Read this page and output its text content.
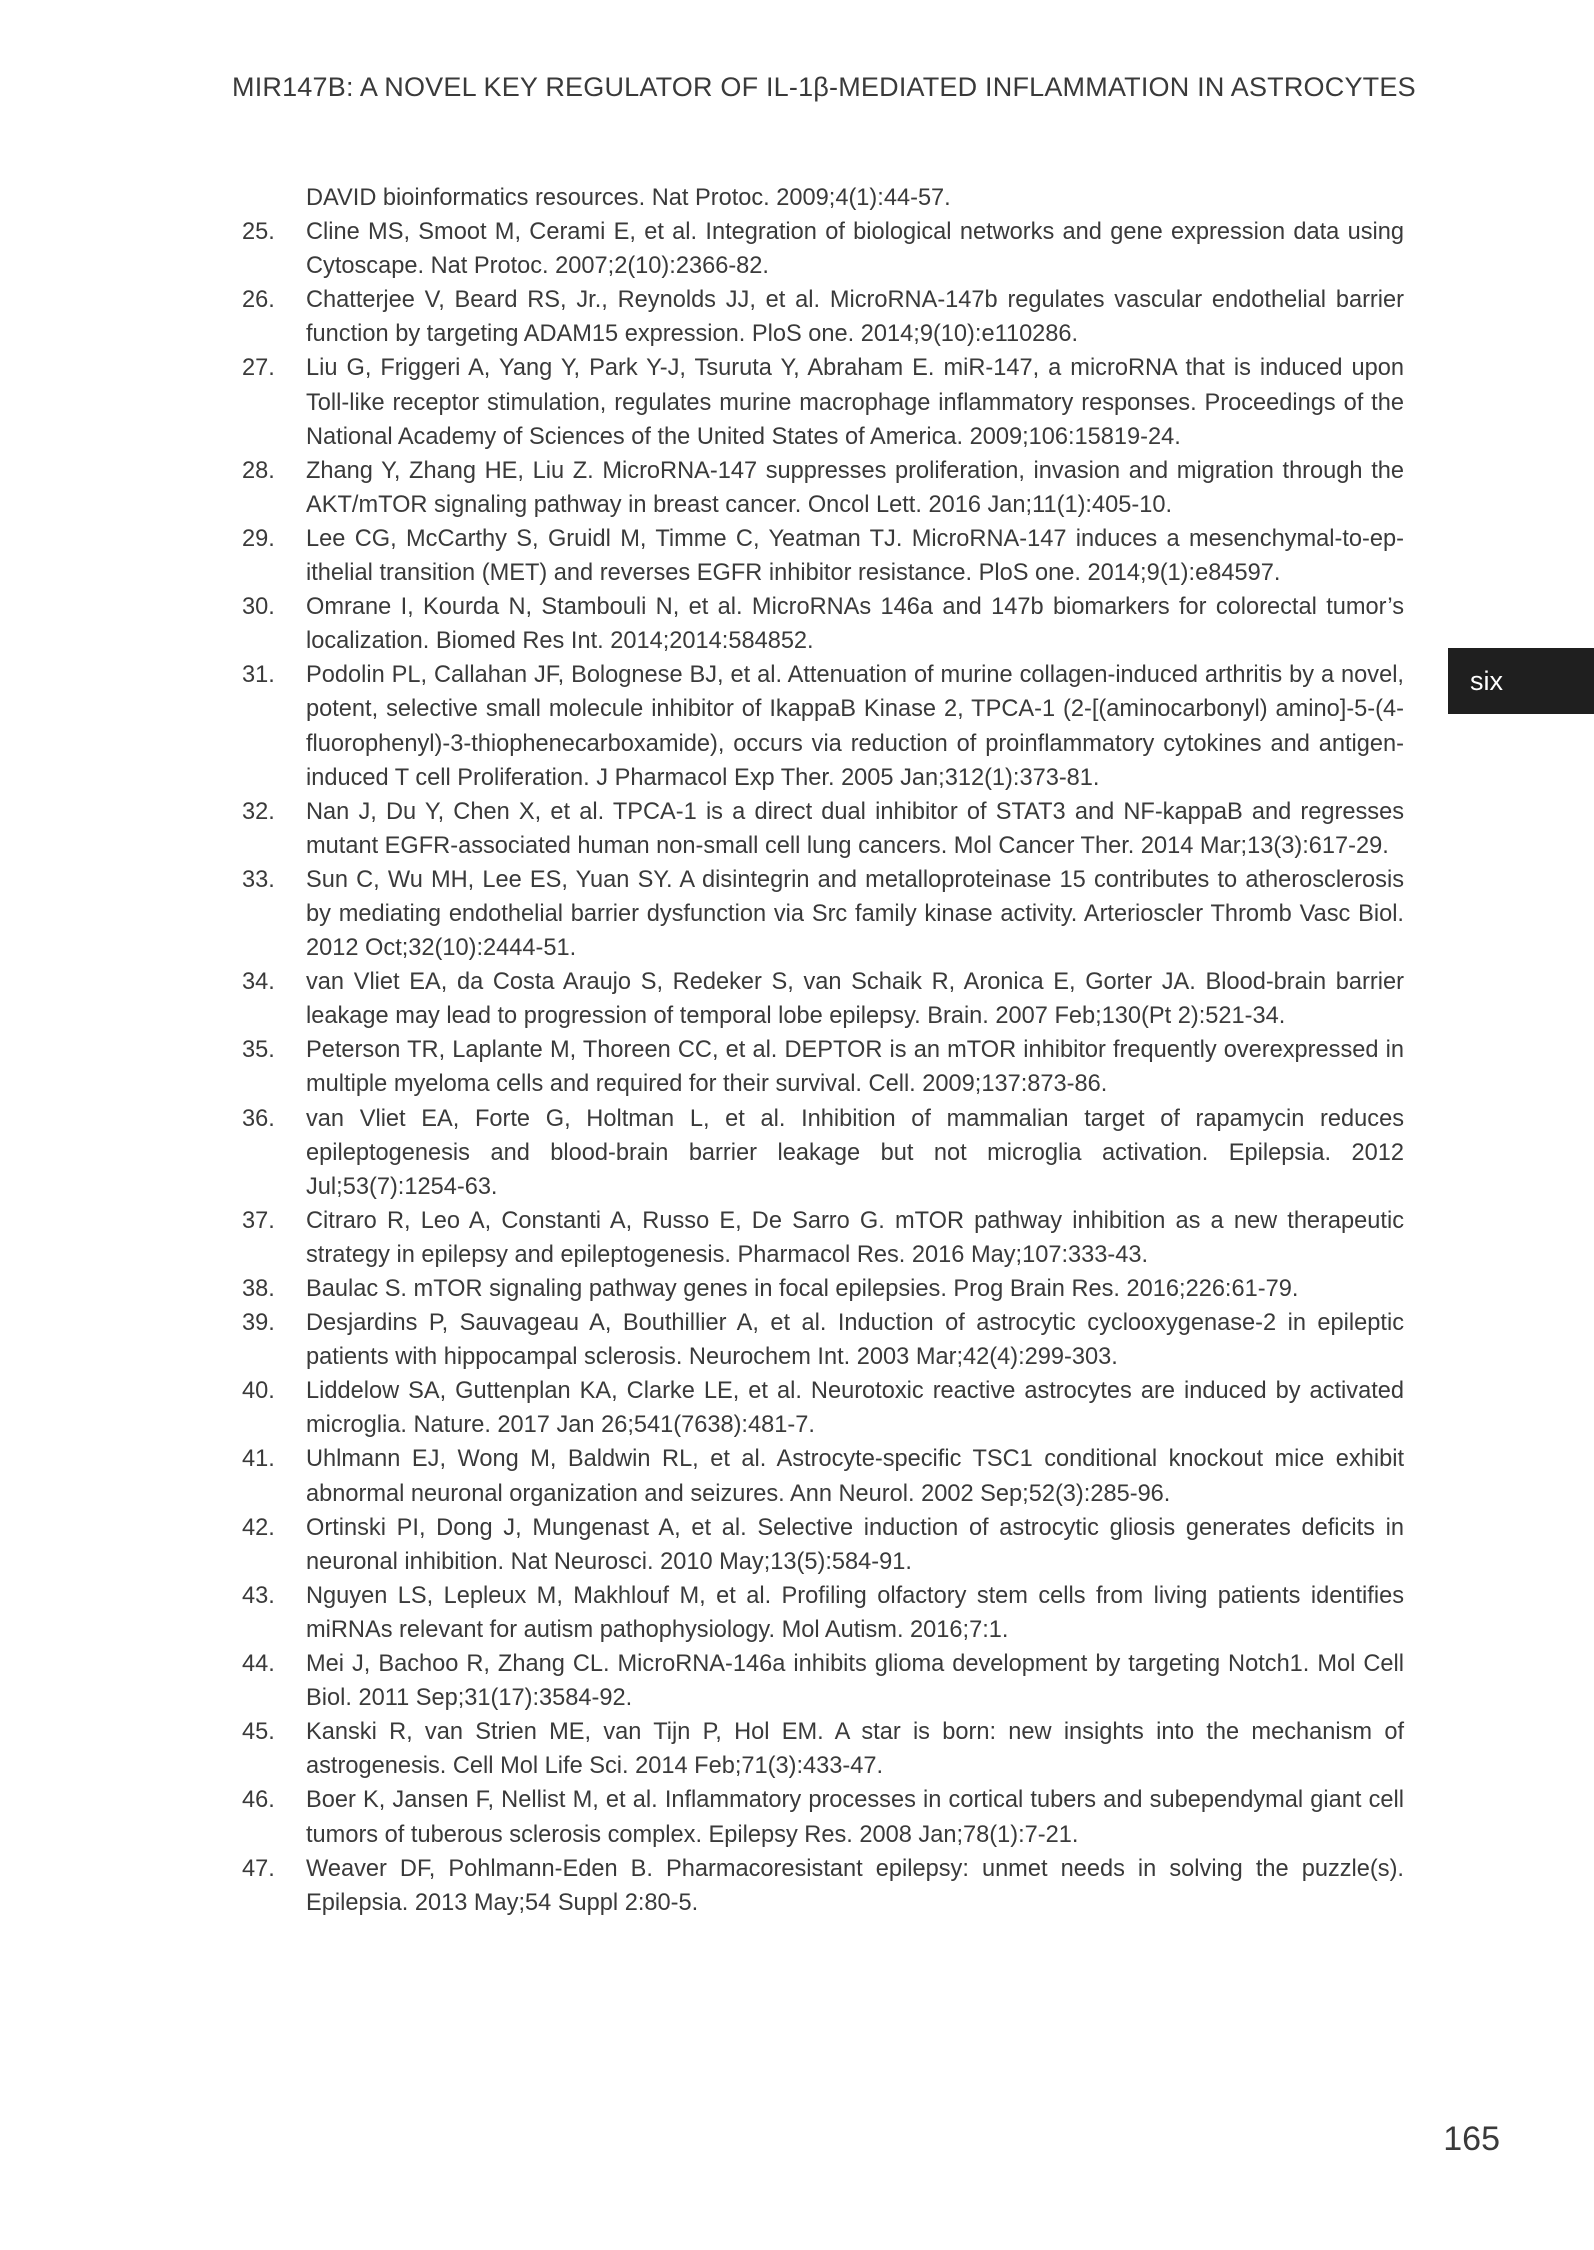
MIR147B: A NOVEL KEY REGULATOR OF IL-1β-MEDIATED INFLAMMATION IN ASTROCYTES
DAVID bioinformatics resources. Nat Protoc. 2009;4(1):44-57.
25.	Cline MS, Smoot M, Cerami E, et al. Integration of biological networks and gene expression data using Cytoscape. Nat Protoc. 2007;2(10):2366-82.
26.	Chatterjee V, Beard RS, Jr., Reynolds JJ, et al. MicroRNA-147b regulates vascular endothelial barrier function by targeting ADAM15 expression. PloS one. 2014;9(10):e110286.
27.	Liu G, Friggeri A, Yang Y, Park Y-J, Tsuruta Y, Abraham E. miR-147, a microRNA that is induced upon Toll-like receptor stimulation, regulates murine macrophage inflammatory responses. Proceedings of the National Academy of Sciences of the United States of America. 2009;106:15819-24.
28.	Zhang Y, Zhang HE, Liu Z. MicroRNA-147 suppresses proliferation, invasion and migration through the AKT/mTOR signaling pathway in breast cancer. Oncol Lett. 2016 Jan;11(1):405-10.
29.	Lee CG, McCarthy S, Gruidl M, Timme C, Yeatman TJ. MicroRNA-147 induces a mesenchymal-to-epithelial transition (MET) and reverses EGFR inhibitor resistance. PloS one. 2014;9(1):e84597.
30.	Omrane I, Kourda N, Stambouli N, et al. MicroRNAs 146a and 147b biomarkers for colorectal tumor’s localization. Biomed Res Int. 2014;2014:584852.
31.	Podolin PL, Callahan JF, Bolognese BJ, et al. Attenuation of murine collagen-induced arthritis by a novel, potent, selective small molecule inhibitor of IkappaB Kinase 2, TPCA-1 (2-[(aminocarbonyl) amino]-5-(4-fluorophenyl)-3-thiophenecarboxamide), occurs via reduction of proinflammatory cytokines and antigen-induced T cell Proliferation. J Pharmacol Exp Ther. 2005 Jan;312(1):373-81.
32.	Nan J, Du Y, Chen X, et al. TPCA-1 is a direct dual inhibitor of STAT3 and NF-kappaB and regresses mutant EGFR-associated human non-small cell lung cancers. Mol Cancer Ther. 2014 Mar;13(3):617-29.
33.	Sun C, Wu MH, Lee ES, Yuan SY. A disintegrin and metalloproteinase 15 contributes to atherosclerosis by mediating endothelial barrier dysfunction via Src family kinase activity. Arterioscler Thromb Vasc Biol. 2012 Oct;32(10):2444-51.
34.	van Vliet EA, da Costa Araujo S, Redeker S, van Schaik R, Aronica E, Gorter JA. Blood-brain barrier leakage may lead to progression of temporal lobe epilepsy. Brain. 2007 Feb;130(Pt 2):521-34.
35.	Peterson TR, Laplante M, Thoreen CC, et al. DEPTOR is an mTOR inhibitor frequently overexpressed in multiple myeloma cells and required for their survival. Cell. 2009;137:873-86.
36.	van Vliet EA, Forte G, Holtman L, et al. Inhibition of mammalian target of rapamycin reduces epileptogenesis and blood-brain barrier leakage but not microglia activation. Epilepsia. 2012 Jul;53(7):1254-63.
37.	Citraro R, Leo A, Constanti A, Russo E, De Sarro G. mTOR pathway inhibition as a new therapeutic strategy in epilepsy and epileptogenesis. Pharmacol Res. 2016 May;107:333-43.
38.	Baulac S. mTOR signaling pathway genes in focal epilepsies. Prog Brain Res. 2016;226:61-79.
39.	Desjardins P, Sauvageau A, Bouthillier A, et al. Induction of astrocytic cyclooxygenase-2 in epileptic patients with hippocampal sclerosis. Neurochem Int. 2003 Mar;42(4):299-303.
40.	Liddelow SA, Guttenplan KA, Clarke LE, et al. Neurotoxic reactive astrocytes are induced by activated microglia. Nature. 2017 Jan 26;541(7638):481-7.
41.	Uhlmann EJ, Wong M, Baldwin RL, et al. Astrocyte-specific TSC1 conditional knockout mice exhibit abnormal neuronal organization and seizures. Ann Neurol. 2002 Sep;52(3):285-96.
42.	Ortinski PI, Dong J, Mungenast A, et al. Selective induction of astrocytic gliosis generates deficits in neuronal inhibition. Nat Neurosci. 2010 May;13(5):584-91.
43.	Nguyen LS, Lepleux M, Makhlouf M, et al. Profiling olfactory stem cells from living patients identifies miRNAs relevant for autism pathophysiology. Mol Autism. 2016;7:1.
44.	Mei J, Bachoo R, Zhang CL. MicroRNA-146a inhibits glioma development by targeting Notch1. Mol Cell Biol. 2011 Sep;31(17):3584-92.
45.	Kanski R, van Strien ME, van Tijn P, Hol EM. A star is born: new insights into the mechanism of astrogenesis. Cell Mol Life Sci. 2014 Feb;71(3):433-47.
46.	Boer K, Jansen F, Nellist M, et al. Inflammatory processes in cortical tubers and subependymal giant cell tumors of tuberous sclerosis complex. Epilepsy Res. 2008 Jan;78(1):7-21.
47.	Weaver DF, Pohlmann-Eden B. Pharmacoresistant epilepsy: unmet needs in solving the puzzle(s). Epilepsia. 2013 May;54 Suppl 2:80-5.
six
165
